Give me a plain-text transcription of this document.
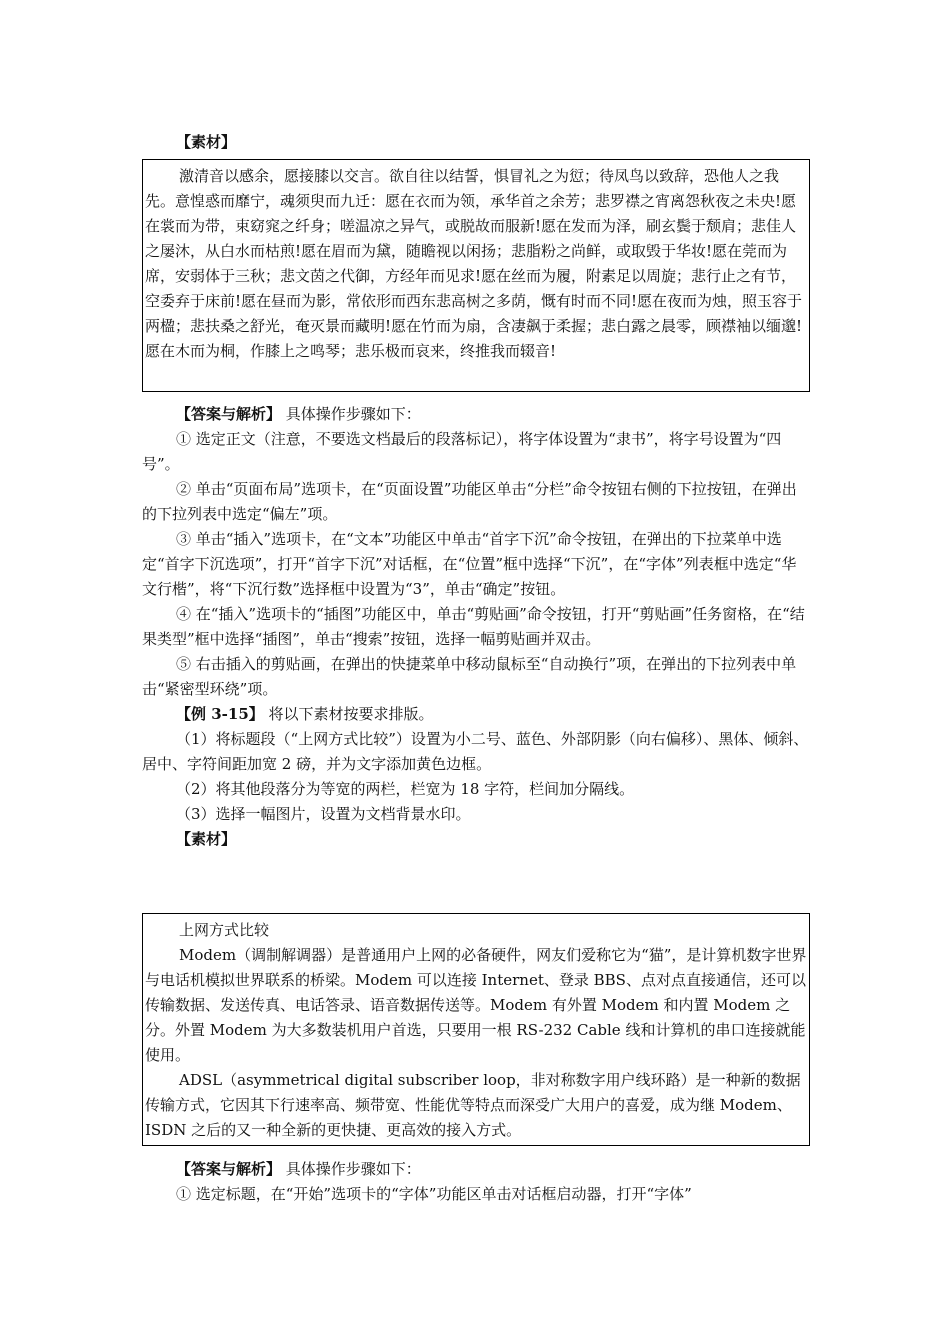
【素材】

激清音以感余，愿接膝以交言。欲自往以结誓，惧冒礼之为愆；待凤鸟以致辞，恐他人之我先。意惶惑而靡宁，魂须臾而九迁：愿在衣而为领，承华首之余芳；悲罗襟之宵离怨秋夜之未央!愿在裳而为带，束窈窕之纤身；嗟温凉之异气，或脱故而服新!愿在发而为泽，刷玄鬓于颓肩；悲佳人之屡沐，从白水而枯煎!愿在眉而为黛，随瞻视以闲扬；悲脂粉之尚鲜，或取毁于华妆!愿在莞而为席，安弱体于三秋；悲文茵之代御，方经年而见求!愿在丝而为履，附素足以周旋；悲行止之有节，空委弃于床前!愿在昼而为影，常依形而西东悲高树之多荫，慨有时而不同!愿在夜而为烛，照玉容于两楹；悲扶桑之舒光，奄灭景而藏明!愿在竹而为扇，含凄飙于柔握；悲白露之晨零，顾襟袖以缅邈!愿在木而为桐，作膝上之鸣琴；悲乐极而哀来，终推我而辍音!

【答案与解析】 具体操作步骤如下：

① 选定正文（注意，不要选文档最后的段落标记），将字体设置为“隶书”，将字号设置为“四号”。

② 单击“页面布局”选项卡，在“页面设置”功能区单击“分栏”命令按钮右侧的下拉按钮，在弹出的下拉列表中选定“偏左”项。

③ 单击“插入”选项卡，在“文本”功能区中单击“首字下沉”命令按钮，在弹出的下拉菜单中选定“首字下沉选项”，打开“首字下沉”对话框，在“位置”框中选择“下沉”，在“字体”列表框中选定“华文行楷”，将“下沉行数”选择框中设置为“3”，单击“确定”按钮。

④ 在“插入”选项卡的“插图”功能区中，单击“剪贴画”命令按钮，打开“剪贴画”任务窗格，在“结果类型”框中选择“插图”，单击“搜索”按钮，选择一幅剪贴画并双击。

⑤ 右击插入的剪贴画，在弹出的快捷菜单中移动鼠标至“自动换行”项，在弹出的下拉列表中单击“紧密型环绕”项。

【例 3-15】 将以下素材按要求排版。

（1）将标题段（“上网方式比较”）设置为小二号、蓝色、外部阴影（向右偏移）、黑体、倾斜、居中、字符间距加宽 2 磅，并为文字添加黄色边框。

（2）将其他段落分为等宽的两栏，栏宽为 18 字符，栏间加分隔线。

（3）选择一幅图片，设置为文档背景水印。

【素材】

上网方式比较

Modem（调制解调器）是普通用户上网的必备硬件，网友们爱称它为“猫”，是计算机数字世界与电话机模拟世界联系的桥梁。Modem 可以连接 Internet、登录 BBS、点对点直接通信，还可以传输数据、发送传真、电话答录、语音数据传送等。Modem 有外置 Modem 和内置 Modem 之分。外置 Modem 为大多数装机用户首选，只要用一根 RS-232 Cable 线和计算机的串口连接就能使用。

ADSL（asymmetrical digital subscriber loop，非对称数字用户线环路）是一种新的数据传输方式，它因其下行速率高、频带宽、性能优等特点而深受广大用户的喜爱，成为继 Modem、ISDN 之后的又一种全新的更快捷、更高效的接入方式。

【答案与解析】 具体操作步骤如下：

① 选定标题，在“开始”选项卡的“字体”功能区单击对话框启动器，打开“字体”
